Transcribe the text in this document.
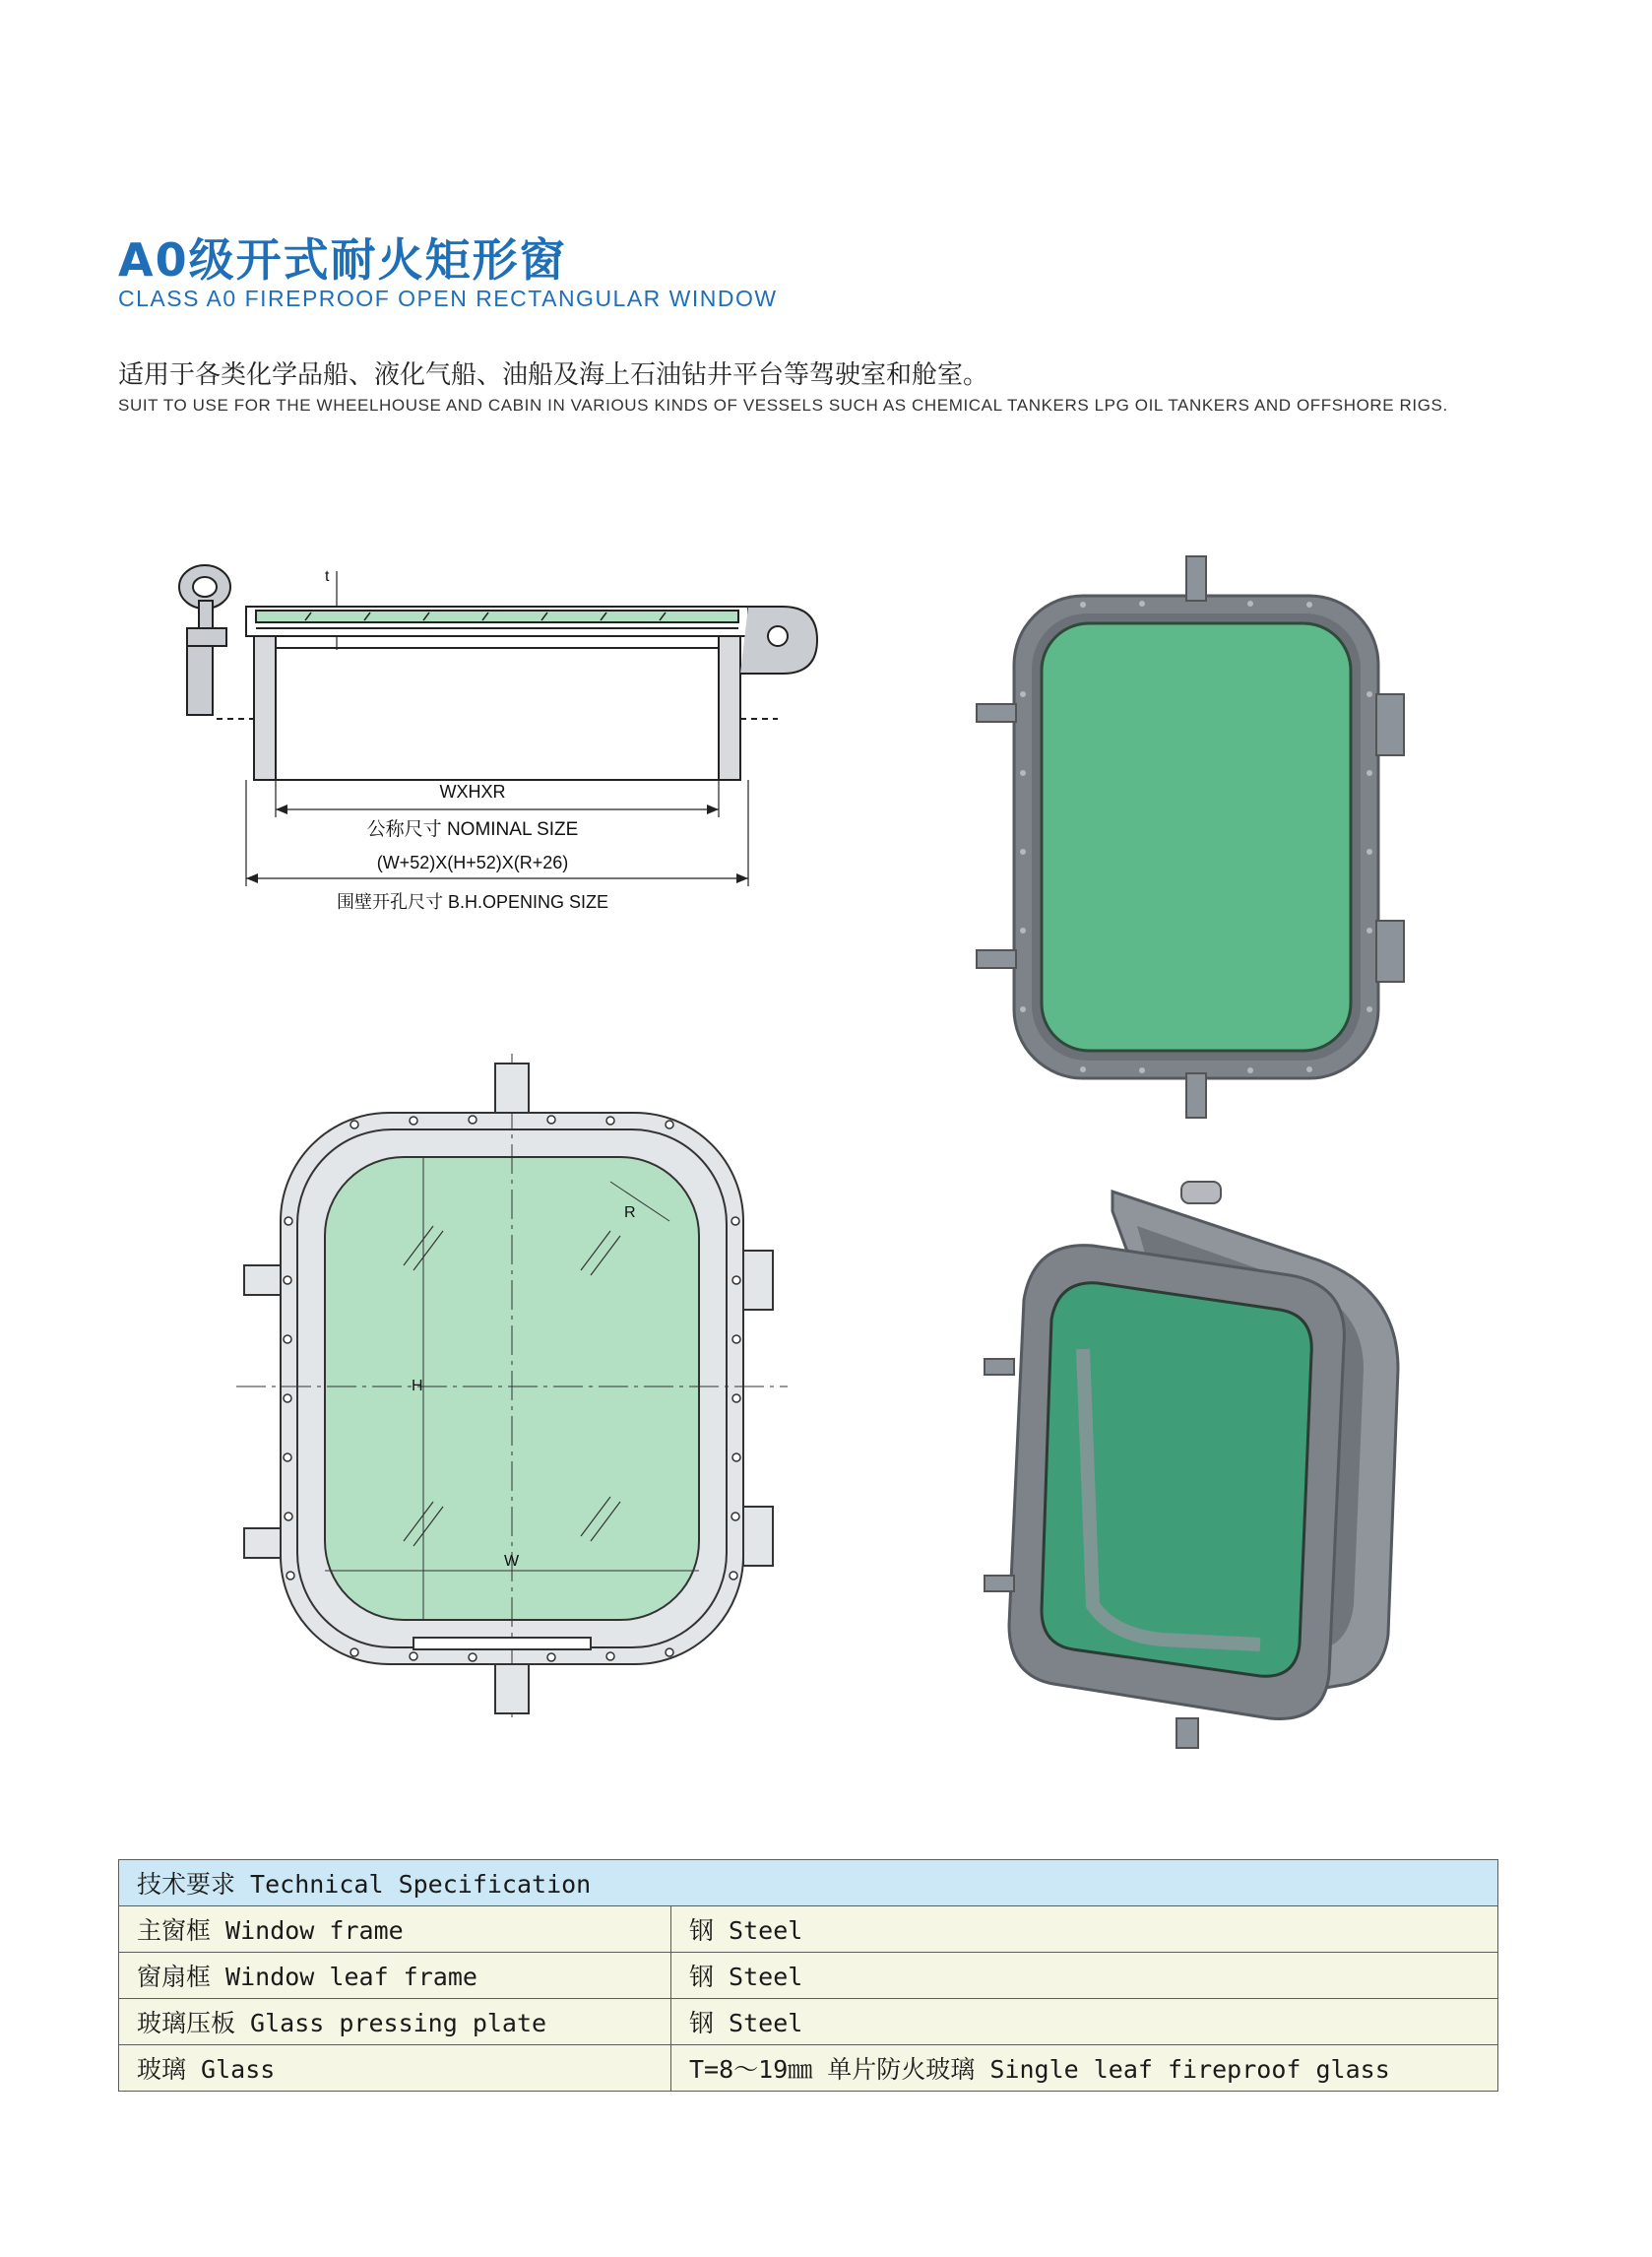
A0级开式耐火矩形窗
CLASS A0 FIREPROOF OPEN RECTANGULAR WINDOW
适用于各类化学品船、液化气船、油船及海上石油钻井平台等驾驶室和舱室。
SUIT TO USE FOR THE WHEELHOUSE AND CABIN IN VARIOUS KINDS OF VESSELS SUCH AS CHEMICAL TANKERS LPG OIL TANKERS AND OFFSHORE RIGS.
t
WXHXR
公称尺寸 NOMINAL SIZE
(W+52)X(H+52)X(R+26)
围壁开孔尺寸 B.H.OPENING SIZE
H
W
R
技术要求 Technical Specification	
主窗框 Window frame	钢 Steel
窗扇框 Window leaf frame	钢 Steel
玻璃压板 Glass pressing plate	钢 Steel
玻璃 Glass	T=8～19㎜ 单片防火玻璃 Single leaf fireproof glass
